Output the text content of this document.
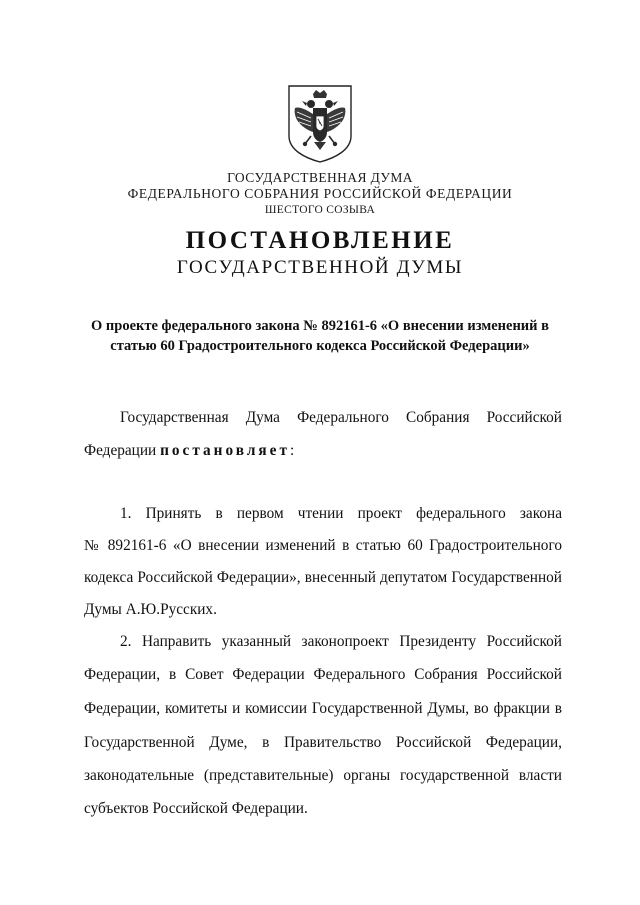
ГОСУДАРСТВЕННАЯ ДУМА
ФЕДЕРАЛЬНОГО СОБРАНИЯ РОССИЙСКОЙ ФЕДЕРАЦИИ
ШЕСТОГО СОЗЫВА
ПОСТАНОВЛЕНИЕ
ГОСУДАРСТВЕННОЙ ДУМЫ
О проекте федерального закона № 892161-6 «О внесении изменений в
статью 60 Градостроительного кодекса Российской Федерации»
Государственная Дума Федерального Собрания Российской
Федерации постановляет:
1. Принять в первом чтении проект федерального закона
№ 892161-6 «О внесении изменений в статью 60 Градостроительного
кодекса Российской Федерации», внесенный депутатом Государственной
Думы А.Ю.Русских.
2. Направить указанный законопроект Президенту Российской
Федерации, в Совет Федерации Федерального Собрания Российской
Федерации, комитеты и комиссии Государственной Думы, во фракции в
Государственной Думе, в Правительство Российской Федерации,
законодательные (представительные) органы государственной власти
субъектов Российской Федерации.
